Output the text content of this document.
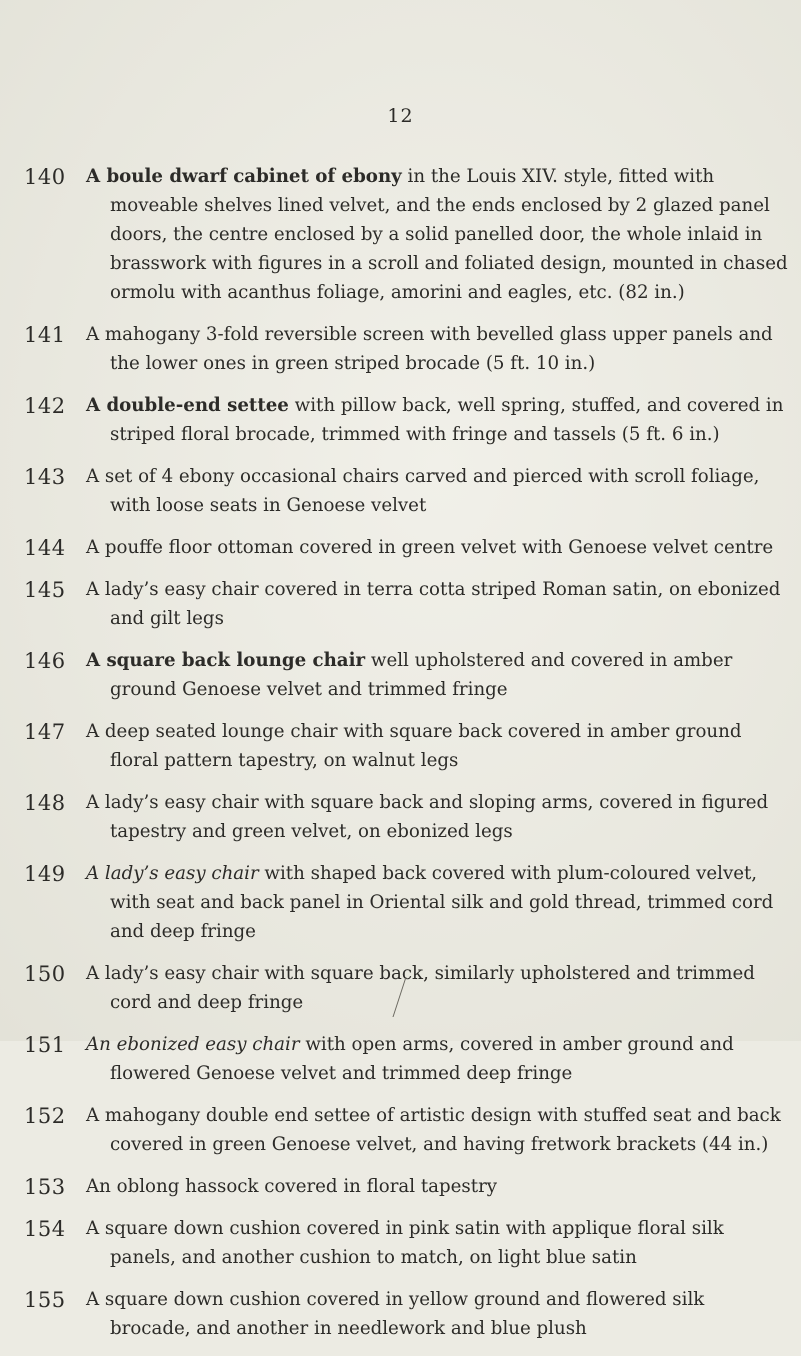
12
140 A boule dwarf cabinet of ebony in the Louis XIV. style, fitted with moveable shelves lined velvet, and the ends enclosed by 2 glazed panel doors, the centre enclosed by a solid panelled door, the whole inlaid in brasswork with figures in a scroll and foliated design, mounted in chased ormolu with acanthus foliage, amorini and eagles, etc. (82 in.)
141 A mahogany 3-fold reversible screen with bevelled glass upper panels and the lower ones in green striped brocade (5 ft. 10 in.)
142 A double-end settee with pillow back, well spring, stuffed, and covered in striped floral brocade, trimmed with fringe and tassels (5 ft. 6 in.)
143 A set of 4 ebony occasional chairs carved and pierced with scroll foliage, with loose seats in Genoese velvet
144 A pouffe floor ottoman covered in green velvet with Genoese velvet centre
145 A lady’s easy chair covered in terra cotta striped Roman satin, on ebonized and gilt legs
146 A square back lounge chair well upholstered and covered in amber ground Genoese velvet and trimmed fringe
147 A deep seated lounge chair with square back covered in amber ground floral pattern tapestry, on walnut legs
148 A lady’s easy chair with square back and sloping arms, covered in figured tapestry and green velvet, on ebonized legs
149 A lady’s easy chair with shaped back covered with plum-coloured velvet, with seat and back panel in Oriental silk and gold thread, trimmed cord and deep fringe
150 A lady’s easy chair with square back, similarly upholstered and trimmed cord and deep fringe
151 An ebonized easy chair with open arms, covered in amber ground and flowered Genoese velvet and trimmed deep fringe
152 A mahogany double end settee of artistic design with stuffed seat and back covered in green Genoese velvet, and having fretwork brackets (44 in.)
153 An oblong hassock covered in floral tapestry
154 A square down cushion covered in pink satin with applique floral silk panels, and another cushion to match, on light blue satin
155 A square down cushion covered in yellow ground and flowered silk brocade, and another in needlework and blue plush
